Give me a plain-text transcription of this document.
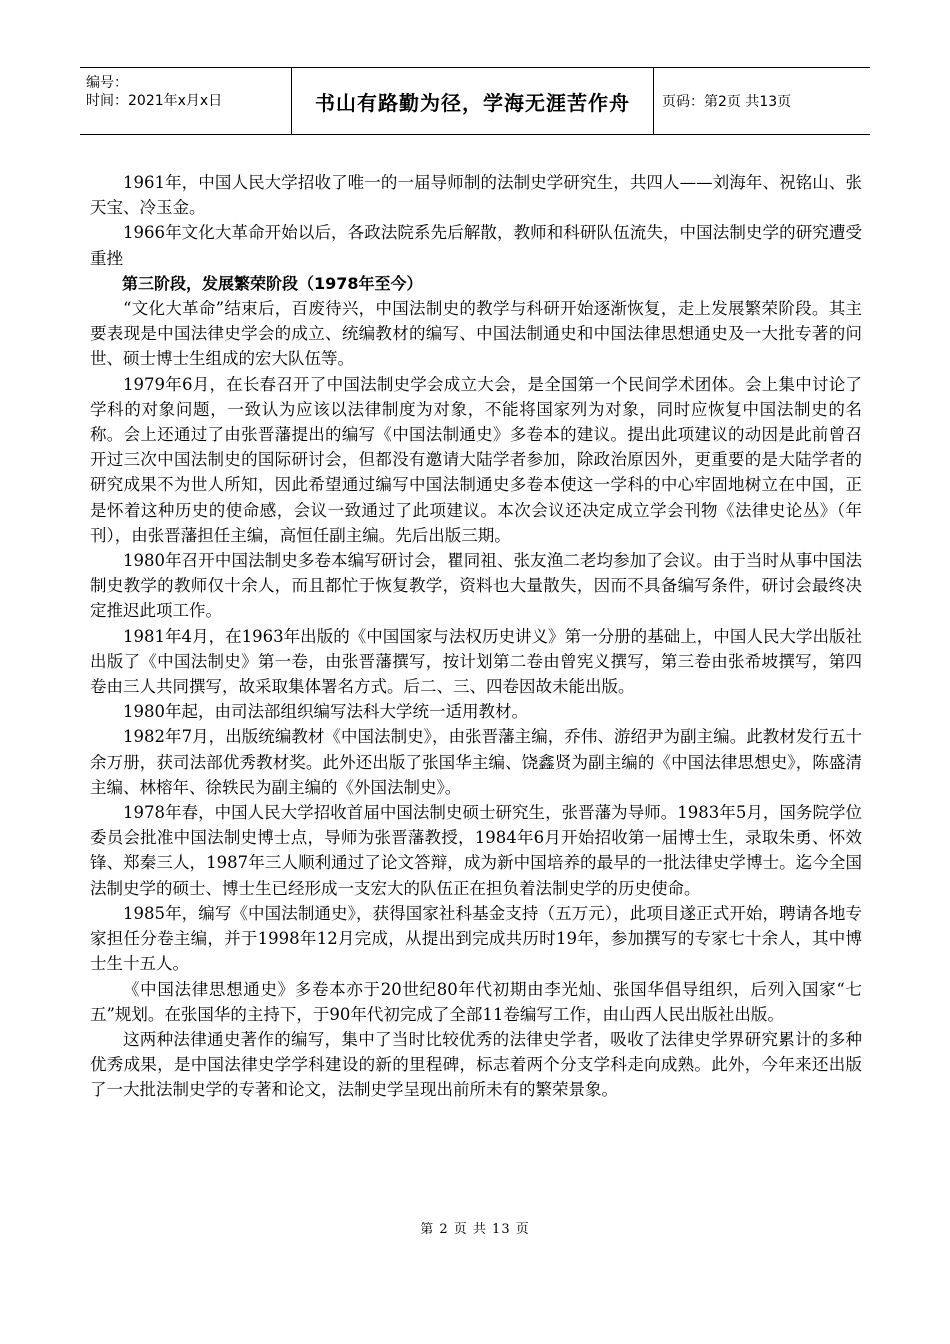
编号：
时间：2021年x月x日	书山有路勤为径，学海无涯苦作舟	页码：第2页 共13页

1961年，中国人民大学招收了唯一的一届导师制的法制史学研究生，共四人——刘海年、祝铭山、张天宝、冷玉金。

1966年文化大革命开始以后，各政法院系先后解散，教师和科研队伍流失，中国法制史学的研究遭受重挫

第三阶段，发展繁荣阶段（1978年至今）

“文化大革命”结束后，百废待兴，中国法制史的教学与科研开始逐渐恢复，走上发展繁荣阶段。其主要表现是中国法律史学会的成立、统编教材的编写、中国法制通史和中国法律思想通史及一大批专著的问世、硕士博士生组成的宏大队伍等。

1979年6月，在长春召开了中国法制史学会成立大会，是全国第一个民间学术团体。会上集中讨论了学科的对象问题，一致认为应该以法律制度为对象，不能将国家列为对象，同时应恢复中国法制史的名称。会上还通过了由张晋藩提出的编写《中国法制通史》多卷本的建议。提出此项建议的动因是此前曾召开过三次中国法制史的国际研讨会，但都没有邀请大陆学者参加，除政治原因外，更重要的是大陆学者的研究成果不为世人所知，因此希望通过编写中国法制通史多卷本使这一学科的中心牢固地树立在中国，正是怀着这种历史的使命感，会议一致通过了此项建议。本次会议还决定成立学会刊物《法律史论丛》（年刊），由张晋藩担任主编，高恒任副主编。先后出版三期。

1980年召开中国法制史多卷本编写研讨会，瞿同祖、张友渔二老均参加了会议。由于当时从事中国法制史教学的教师仅十余人，而且都忙于恢复教学，资料也大量散失，因而不具备编写条件，研讨会最终决定推迟此项工作。

1981年4月，在1963年出版的《中国国家与法权历史讲义》第一分册的基础上，中国人民大学出版社出版了《中国法制史》第一卷，由张晋藩撰写，按计划第二卷由曾宪义撰写，第三卷由张希坡撰写，第四卷由三人共同撰写，故采取集体署名方式。后二、三、四卷因故未能出版。

1980年起，由司法部组织编写法科大学统一适用教材。

1982年7月，出版统编教材《中国法制史》，由张晋藩主编，乔伟、游绍尹为副主编。此教材发行五十余万册，获司法部优秀教材奖。此外还出版了张国华主编、饶鑫贤为副主编的《中国法律思想史》，陈盛清主编、林榕年、徐轶民为副主编的《外国法制史》。

1978年春，中国人民大学招收首届中国法制史硕士研究生，张晋藩为导师。1983年5月，国务院学位委员会批准中国法制史博士点，导师为张晋藩教授，1984年6月开始招收第一届博士生，录取朱勇、怀效锋、郑秦三人，1987年三人顺利通过了论文答辩，成为新中国培养的最早的一批法律史学博士。迄今全国法制史学的硕士、博士生已经形成一支宏大的队伍正在担负着法制史学的历史使命。

1985年，编写《中国法制通史》，获得国家社科基金支持（五万元），此项目遂正式开始，聘请各地专家担任分卷主编，并于1998年12月完成，从提出到完成共历时19年，参加撰写的专家七十余人，其中博士生十五人。

《中国法律思想通史》多卷本亦于20世纪80年代初期由李光灿、张国华倡导组织，后列入国家“七五”规划。在张国华的主持下，于90年代初完成了全部11卷编写工作，由山西人民出版社出版。

这两种法律通史著作的编写，集中了当时比较优秀的法律史学者，吸收了法律史学界研究累计的多种优秀成果，是中国法律史学学科建设的新的里程碑，标志着两个分支学科走向成熟。此外，今年来还出版了一大批法制史学的专著和论文，法制史学呈现出前所未有的繁荣景象。

第 2 页 共 13 页
